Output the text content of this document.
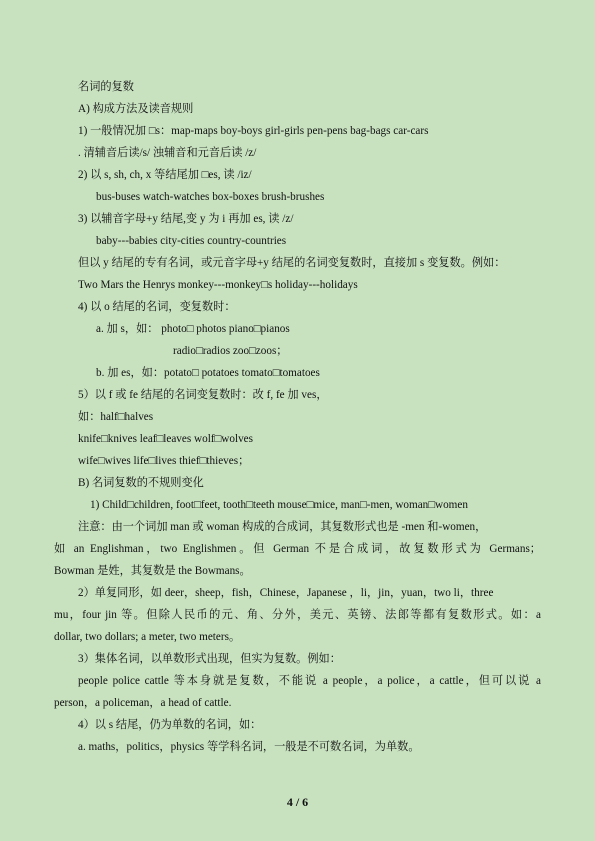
名词的复数
A) 构成方法及读音规则
1) 一般情况加 □s：map-maps boy-boys girl-girls pen-pens bag-bags car-cars
. 清辅音后读/s/ 浊辅音和元音后读 /z/
2) 以 s, sh, ch, x 等结尾加 □es, 读 /iz/
bus-buses watch-watches box-boxes brush-brushes
3) 以辅音字母+y 结尾,变 y 为 i 再加 es, 读 /z/
baby---babies city-cities country-countries
但以 y 结尾的专有名词，或元音字母+y 结尾的名词变复数时，直接加 s 变复数。例如：
Two Mars the Henrys monkey---monkey□s holiday---holidays
4) 以 o 结尾的名词，变复数时：
a. 加 s，如： photo□ photos piano□pianos
radio□radios zoo□zoos；
b. 加 es，如：potato□ potatoes tomato□tomatoes
5）以 f 或 fe 结尾的名词变复数时：改 f, fe 加 ves，
如：half□halves
knife□knives leaf□leaves wolf□wolves
wife□wives life□lives thief□thieves；
B) 名词复数的不规则变化
1) Child□children, foot□feet, tooth□teeth mouse□mice, man□-men, woman□women
注意：由一个词加 man 或 woman 构成的合成词，其复数形式也是 -men 和-women，
如 an Englishman，two Englishmen。但 German 不是合成词，故复数形式为 Germans；
Bowman 是姓，其复数是 the Bowmans。
2）单复同形，如 deer，sheep，fish，Chinese，Japanese ，li，jin，yuan，two li，three
mu，four jin 等。但除人民币的元、角、分外，美元、英镑、法郎等都有复数形式。如：a
dollar, two dollars; a meter, two meters。
3）集体名词，以单数形式出现，但实为复数。例如：
people police cattle 等本身就是复数，不能说 a people，a police，a cattle，但可以说 a
person，a policeman，a head of cattle.
4）以 s 结尾，仍为单数的名词，如：
a. maths，politics，physics 等学科名词，一般是不可数名词，为单数。
4 / 6
